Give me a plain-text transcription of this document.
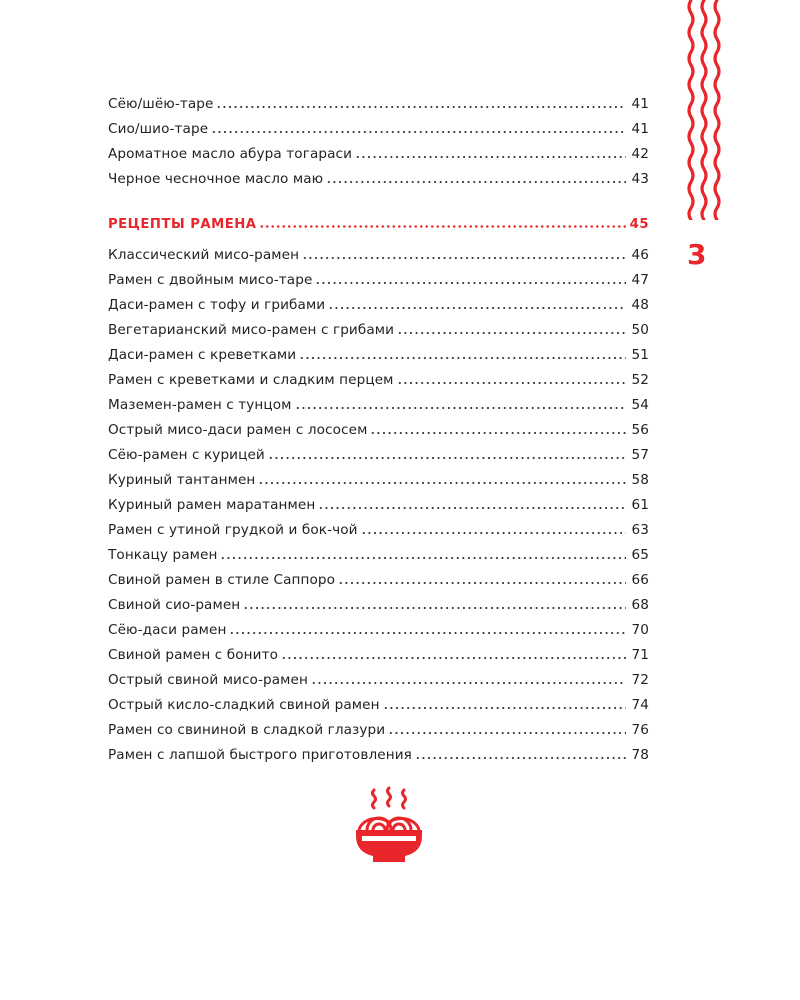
3
Сёю/шёю-таре	41
Сио/шио-таре	41
Ароматное масло абура тогараси	42
Черное чесночное масло маю	43
РЕЦЕПТЫ РАМЕНА	45
Классический мисо-рамен	46
Рамен с двойным мисо-таре	47
Даси-рамен с тофу и грибами	48
Вегетарианский мисо-рамен с грибами	50
Даси-рамен с креветками	51
Рамен с креветками и сладким перцем	52
Маземен-рамен с тунцом	54
Острый мисо-даси рамен с лососем	56
Сёю-рамен с курицей	57
Куриный тантанмен	58
Куриный рамен маратанмен	61
Рамен с утиной грудкой и бок-чой	63
Тонкацу рамен	65
Свиной рамен в стиле Саппоро	66
Свиной сио-рамен	68
Сёю-даси рамен	70
Свиной рамен с бонито	71
Острый свиной мисо-рамен	72
Острый кисло-сладкий свиной рамен	74
Рамен со свининой в сладкой глазури	76
Рамен с лапшой быстрого приготовления	78
